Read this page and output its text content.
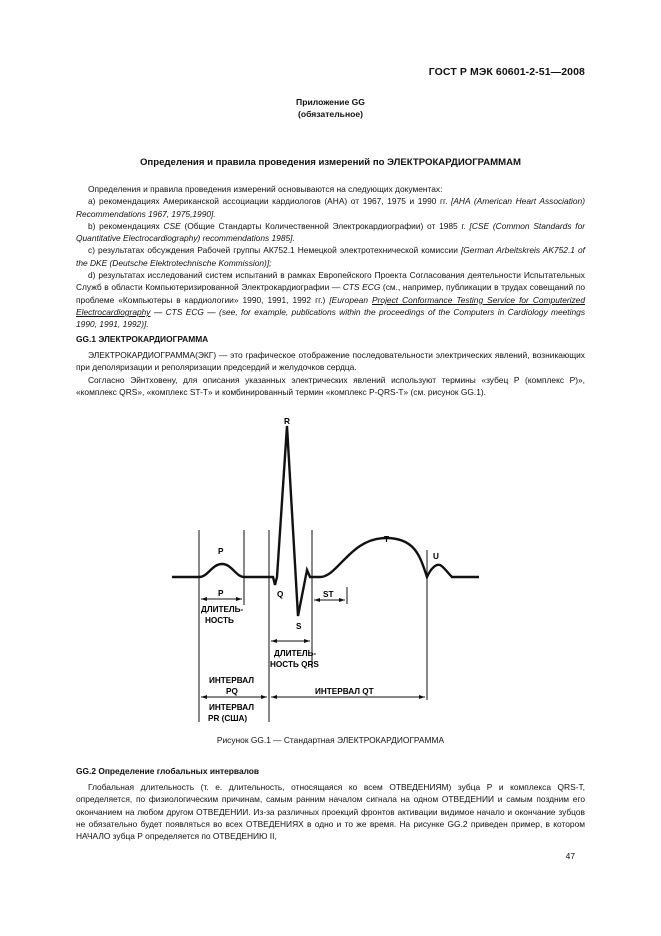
ГОСТ Р МЭК 60601-2-51—2008
Приложение GG
(обязательное)
Определения и правила проведения измерений по ЭЛЕКТРОКАРДИОГРАММАМ

Определения и правила проведения измерений основываются на следующих документах:

а) рекомендациях Американской ассоциации кардиологов (AHA) от 1967, 1975 и 1990 гг. [AHA (American Heart Association) Recommendations 1967, 1975,1990].

b) рекомендациях CSE (Общие Стандарты Количественной Электрокардиографии) от 1985 г. [CSE (Common Standards for Quantitative Electrocardiography) recommendations 1985].

с) результатах обсуждения Рабочей группы АК752.1 Немецкой электротехнической комиссии [German Arbeitskreis AK752.1 of the DKE (Deutsche Elektrotechnische Kommission)];

d) результатах исследований систем испытаний в рамках Европейского Проекта Согласования деятельности Испытательных Служб в области Компьютеризированной Электрокардиографии — CTS ECG (см., например, публикации в трудах совещаний по проблеме «Компьютеры в кардиологии» 1990, 1991, 1992 гг.) [European Project Conformance Testing Service for Computerized Electrocardiography — CTS ECG — (see, for example, publications within the proceedings of the Computers in Cardiology meetings 1990, 1991, 1992)].

GG.1 ЭЛЕКТРОКАРДИОГРАММА

ЭЛЕКТРОКАРДИОГРАММА(ЭКГ) — это графическое отображение последовательности электрических явлений, возникающих при деполяризации и реполяризации предсердий и желудочков сердца.

Согласно Эйнтховену, для описания указанных электрических явлений используют термины «зубец Р (комплекс Р)», «комплекс QRS», «комплекс ST-T» и комбинированный термин «комплекс P-QRS-T» (см. рисунок GG.1).

R
P
T
U
Q
S
P	ST
ДЛИТЕЛЬ-
НОСТЬ
ДЛИТЕЛЬ-
НОСТЬ QRS
ИНТЕРВАЛ
PQ	ИНТЕРВАЛ QT
ИНТЕРВАЛ
PR (США)
Рисунок GG.1 — Стандартная ЭЛЕКТРОКАРДИОГРАММА
GG.2 Определение глобальных интервалов

Глобальная длительность (т. е. длительность, относящаяся ко всем ОТВЕДЕНИЯМ) зубца Р и комплекса QRS-T, определяется, по физиологическим причинам, самым ранним началом сигнала на одном ОТВЕДЕНИИ и самым поздним его окончанием на любом другом ОТВЕДЕНИИ. Из-за различных проекций фронтов активации видимое начало и окончание зубцов не обязательно будет появляться во всех ОТВЕДЕНИЯХ в одно и то же время. На рисунке GG.2 приведен пример, в котором НАЧАЛО зубца Р определяется по ОТВЕДЕНИЮ II,

47
